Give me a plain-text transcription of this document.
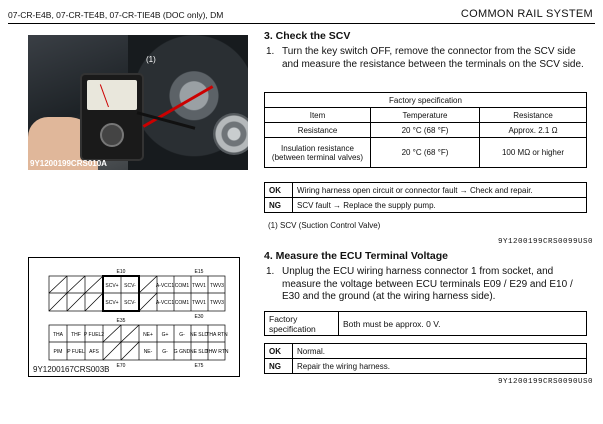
07-CR-E4B, 07-CR-TE4B, 07-CR-TIE4B (DOC only), DM	COMMON RAIL SYSTEM
(1)
9Y1200199CRS010A
E10	E15
E30
E35
E70	E75
SCV+ SCV-	A-VCC1 COM1 TWV1 TWV3
SCV+ SCV-	A-VCC1 COM1 TWV1 TWV3
THA THF P FUEL2	NE+ G+ G- NE SLD
THA RTN
PIM P FUEL AFS	NE- G-	NE SLD
THW RTN
G GND
9Y1200167CRS003B
3. Check the SCV
1. Turn the key switch OFF, remove the connector from the SCV side and measure the resistance between the terminals on the SCV side.
Factory specification		
Item	Temperature	Resistance
Resistance	20 °C (68 °F)	Approx. 2.1 Ω
Insulation resistance (between terminal valves)	20 °C (68 °F)	100 MΩ or higher
OK	Wiring harness open circuit or connector fault → Check and repair.
NG	SCV fault → Replace the supply pump.
(1) SCV (Suction Control Valve)
9Y1200199CRS0099US0
4. Measure the ECU Terminal Voltage
1. Unplug the ECU wiring harness connector 1 from socket, and measure the voltage between ECU terminals E09 / E29 and E10 / E30 and the ground (at the wiring harness side).
Factory specification	Both must be approx. 0 V.
OK	Normal.
NG	Repair the wiring harness.
9Y1200199CRS0090US0
